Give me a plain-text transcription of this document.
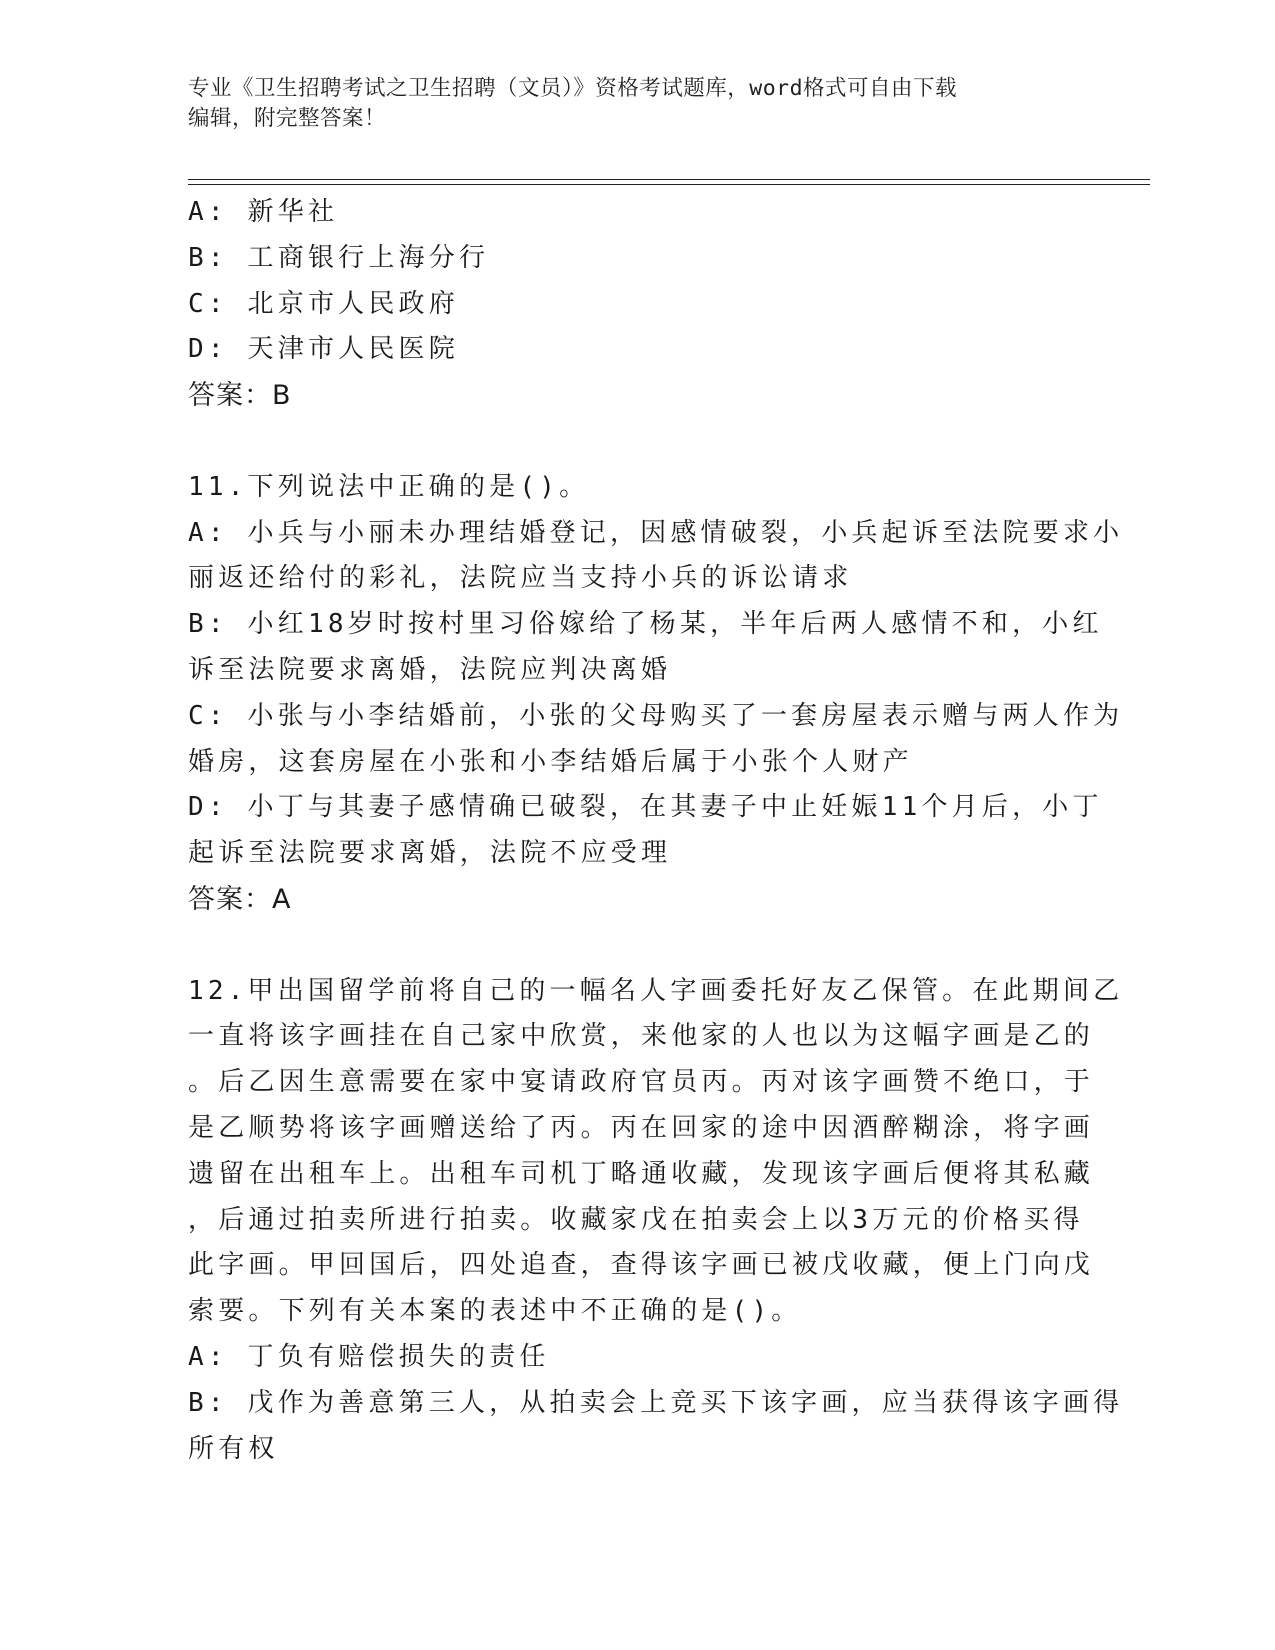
专业《卫生招聘考试之卫生招聘（文员）》资格考试题库，word格式可自由下载
编辑，附完整答案！
A: 新华社
B: 工商银行上海分行
C: 北京市人民政府
D: 天津市人民医院
答案：B
11.下列说法中正确的是()。
A: 小兵与小丽未办理结婚登记，因感情破裂，小兵起诉至法院要求小
丽返还给付的彩礼，法院应当支持小兵的诉讼请求
B: 小红18岁时按村里习俗嫁给了杨某，半年后两人感情不和，小红
诉至法院要求离婚，法院应判决离婚
C: 小张与小李结婚前，小张的父母购买了一套房屋表示赠与两人作为
婚房，这套房屋在小张和小李结婚后属于小张个人财产
D: 小丁与其妻子感情确已破裂，在其妻子中止妊娠11个月后，小丁
起诉至法院要求离婚，法院不应受理
答案：A
12.甲出国留学前将自己的一幅名人字画委托好友乙保管。在此期间乙
一直将该字画挂在自己家中欣赏，来他家的人也以为这幅字画是乙的
。后乙因生意需要在家中宴请政府官员丙。丙对该字画赞不绝口，于
是乙顺势将该字画赠送给了丙。丙在回家的途中因酒醉糊涂，将字画
遗留在出租车上。出租车司机丁略通收藏，发现该字画后便将其私藏
，后通过拍卖所进行拍卖。收藏家戊在拍卖会上以3万元的价格买得
此字画。甲回国后，四处追查，查得该字画已被戊收藏，便上门向戊
索要。下列有关本案的表述中不正确的是()。
A: 丁负有赔偿损失的责任
B: 戊作为善意第三人，从拍卖会上竞买下该字画，应当获得该字画得
所有权
